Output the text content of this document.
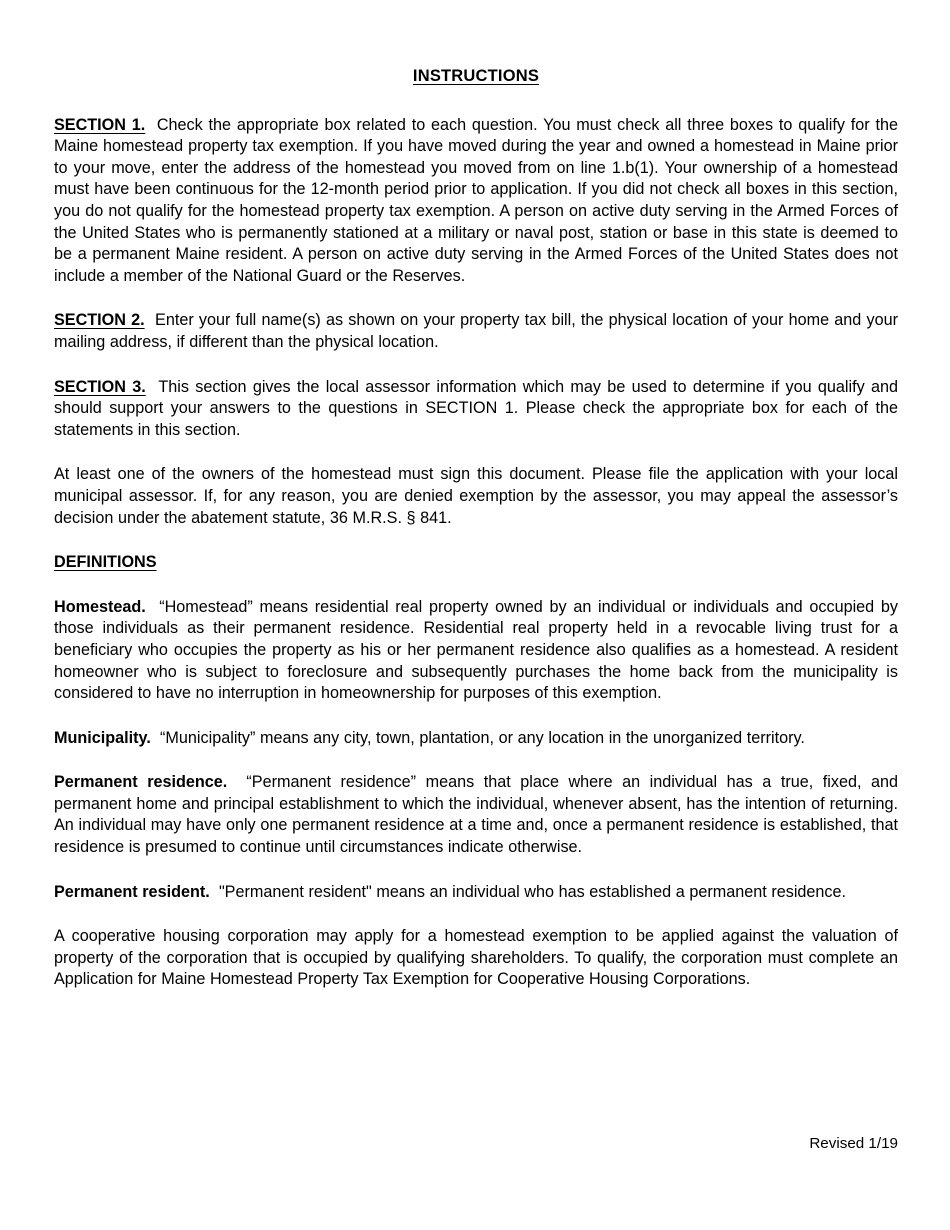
INSTRUCTIONS

SECTION 1. Check the appropriate box related to each question. You must check all three boxes to qualify for the Maine homestead property tax exemption. If you have moved during the year and owned a homestead in Maine prior to your move, enter the address of the homestead you moved from on line 1.b(1). Your ownership of a homestead must have been continuous for the 12-month period prior to application. If you did not check all boxes in this section, you do not qualify for the homestead property tax exemption. A person on active duty serving in the Armed Forces of the United States who is permanently stationed at a military or naval post, station or base in this state is deemed to be a permanent Maine resident. A person on active duty serving in the Armed Forces of the United States does not include a member of the National Guard or the Reserves.

SECTION 2. Enter your full name(s) as shown on your property tax bill, the physical location of your home and your mailing address, if different than the physical location.

SECTION 3. This section gives the local assessor information which may be used to determine if you qualify and should support your answers to the questions in SECTION 1. Please check the appropriate box for each of the statements in this section.

At least one of the owners of the homestead must sign this document. Please file the application with your local municipal assessor. If, for any reason, you are denied exemption by the assessor, you may appeal the assessor’s decision under the abatement statute, 36 M.R.S. § 841.

DEFINITIONS

Homestead. “Homestead” means residential real property owned by an individual or individuals and occupied by those individuals as their permanent residence. Residential real property held in a revocable living trust for a beneficiary who occupies the property as his or her permanent residence also qualifies as a homestead. A resident homeowner who is subject to foreclosure and subsequently purchases the home back from the municipality is considered to have no interruption in homeownership for purposes of this exemption.

Municipality. “Municipality” means any city, town, plantation, or any location in the unorganized territory.

Permanent residence. “Permanent residence” means that place where an individual has a true, fixed, and permanent home and principal establishment to which the individual, whenever absent, has the intention of returning. An individual may have only one permanent residence at a time and, once a permanent residence is established, that residence is presumed to continue until circumstances indicate otherwise.

Permanent resident. "Permanent resident" means an individual who has established a permanent residence.

A cooperative housing corporation may apply for a homestead exemption to be applied against the valuation of property of the corporation that is occupied by qualifying shareholders. To qualify, the corporation must complete an Application for Maine Homestead Property Tax Exemption for Cooperative Housing Corporations.

Revised 1/19
